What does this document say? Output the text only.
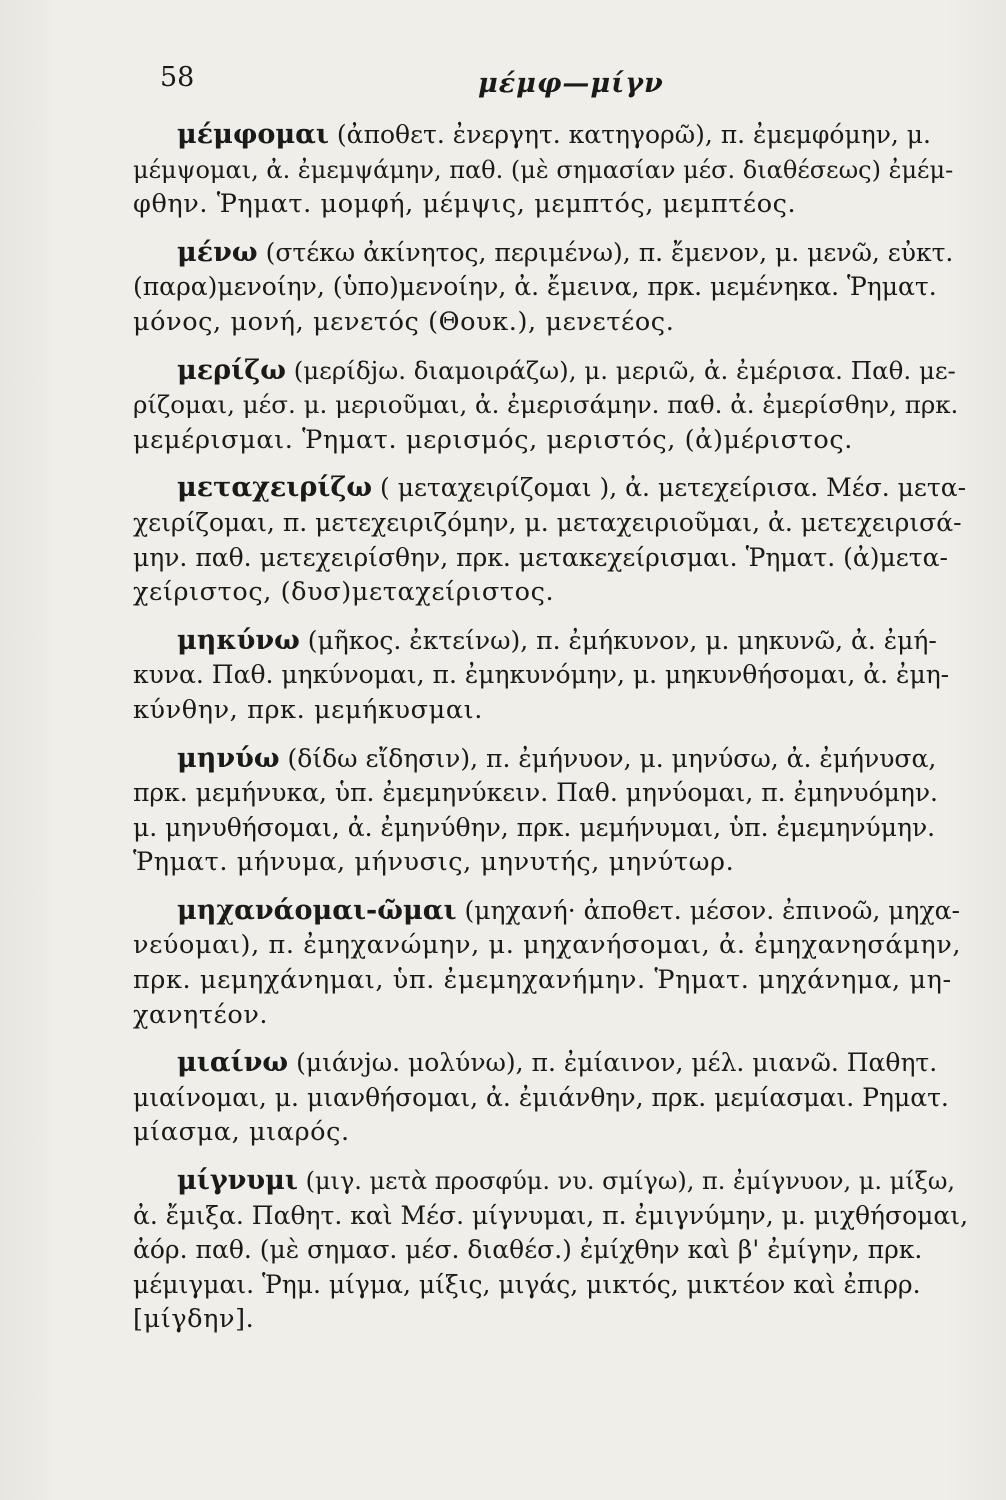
58	μέμφ—μίγν
μέμφομαι (ἀποθετ. ἐνεργητ. κατηγορῶ), π. ἐμεμφόμην, μ.
μέμψομαι, ἀ. ἐμεμψάμην, παθ. (μὲ σημασίαν μέσ. διαθέσεως) ἐμέμ-
φθην. Ῥηματ. μομφή, μέμψις, μεμπτός, μεμπτέος.
μένω (στέκω ἀκίνητος, περιμένω), π. ἔμενον, μ. μενῶ, εὐκτ.
(παρα)μενοίην, (ὑπο)μενοίην, ἀ. ἔμεινα, πρκ. μεμένηκα. Ῥηματ.
μόνος, μονή, μενετός (Θουκ.), μενετέος.
μερίζω (μερίδjω. διαμοιράζω), μ. μεριῶ, ἀ. ἐμέρισα. Παθ. με-
ρίζομαι, μέσ. μ. μεριοῦμαι, ἀ. ἐμερισάμην. παθ. ἀ. ἐμερίσθην, πρκ.
μεμέρισμαι. Ῥηματ. μερισμός, μεριστός, (ἀ)μέριστος.
μεταχειρίζω ( μεταχειρίζομαι ), ἀ. μετεχείρισα. Μέσ. μετα-
χειρίζομαι, π. μετεχειριζόμην, μ. μεταχειριοῦμαι, ἀ. μετεχειρισά-
μην. παθ. μετεχειρίσθην, πρκ. μετακεχείρισμαι. Ῥηματ. (ἀ)μετα-
χείριστος, (δυσ)μεταχείριστος.
μηκύνω (μῆκος. ἐκτείνω), π. ἐμήκυνον, μ. μηκυνῶ, ἀ. ἐμή-
κυνα. Παθ. μηκύνομαι, π. ἐμηκυνόμην, μ. μηκυνθήσομαι, ἀ. ἐμη-
κύνθην, πρκ. μεμήκυσμαι.
μηνύω (δίδω εἴδησιν), π. ἐμήνυον, μ. μηνύσω, ἀ. ἐμήνυσα,
πρκ. μεμήνυκα, ὑπ. ἐμεμηνύκειν. Παθ. μηνύομαι, π. ἐμηνυόμην.
μ. μηνυθήσομαι, ἀ. ἐμηνύθην, πρκ. μεμήνυμαι, ὑπ. ἐμεμηνύμην.
Ῥηματ. μήνυμα, μήνυσις, μηνυτής, μηνύτωρ.
μηχανάομαι-ῶμαι (μηχανή· ἀποθετ. μέσον. ἐπινοῶ, μηχα-
νεύομαι), π. ἐμηχανώμην, μ. μηχανήσομαι, ἀ. ἐμηχανησάμην,
πρκ. μεμηχάνημαι, ὑπ. ἐμεμηχανήμην. Ῥηματ. μηχάνημα, μη-
χανητέον.
μιαίνω (μιάνjω. μολύνω), π. ἐμίαινον, μέλ. μιανῶ. Παθητ.
μιαίνομαι, μ. μιανθήσομαι, ἀ. ἐμιάνθην, πρκ. μεμίασμαι. Ρηματ.
μίασμα, μιαρός.
μίγνυμι (μιγ. μετὰ προσφύμ. νυ. σμίγω), π. ἐμίγνυον, μ. μίξω,
ἀ. ἔμιξα. Παθητ. καὶ Μέσ. μίγνυμαι, π. ἐμιγνύμην, μ. μιχθήσομαι,
ἀόρ. παθ. (μὲ σημασ. μέσ. διαθέσ.) ἐμίχθην καὶ β' ἐμίγην, πρκ.
μέμιγμαι. Ῥημ. μίγμα, μίξις, μιγάς, μικτός, μικτέον καὶ ἐπιρρ.
[μίγδην].
